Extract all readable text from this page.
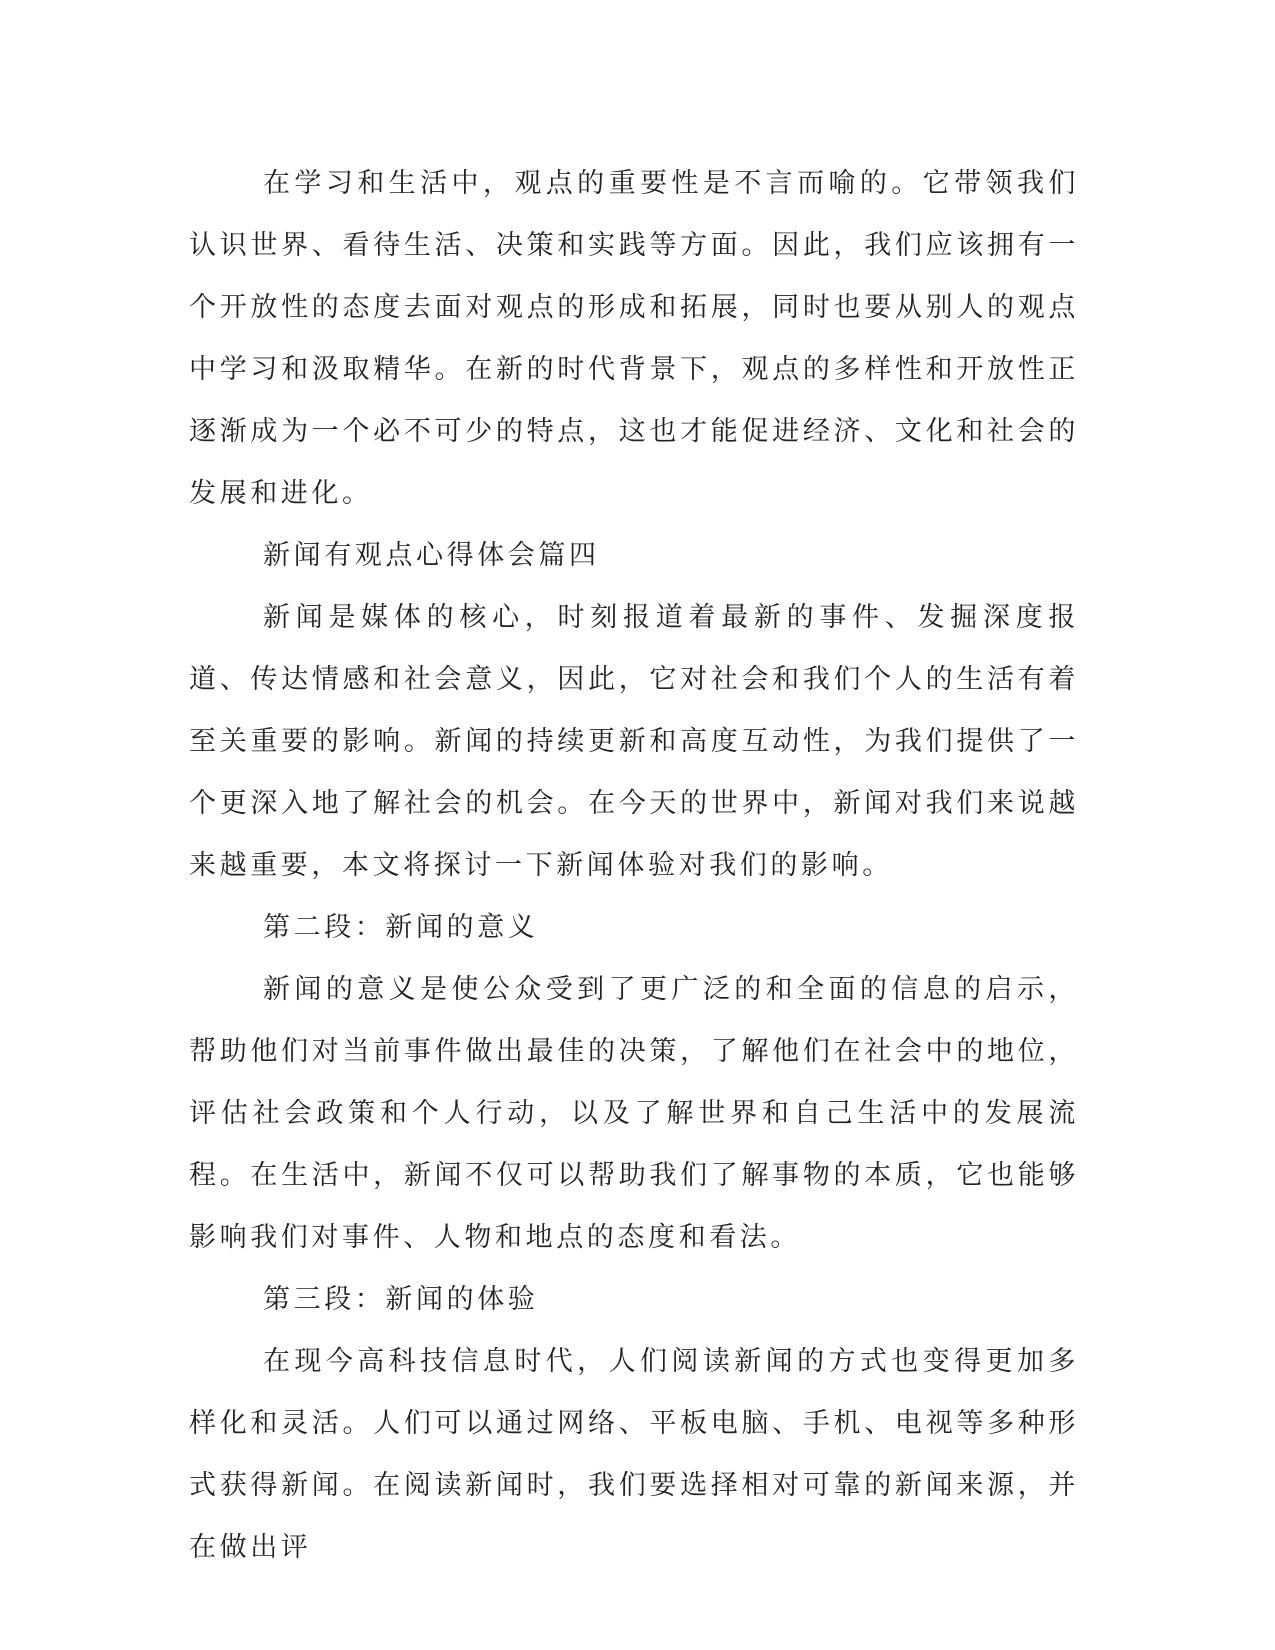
在学习和生活中，观点的重要性是不言而喻的。它带领我们认识世界、看待生活、决策和实践等方面。因此，我们应该拥有一个开放性的态度去面对观点的形成和拓展，同时也要从别人的观点中学习和汲取精华。在新的时代背景下，观点的多样性和开放性正逐渐成为一个必不可少的特点，这也才能促进经济、文化和社会的发展和进化。

新闻有观点心得体会篇四

新闻是媒体的核心，时刻报道着最新的事件、发掘深度报道、传达情感和社会意义，因此，它对社会和我们个人的生活有着至关重要的影响。新闻的持续更新和高度互动性，为我们提供了一个更深入地了解社会的机会。在今天的世界中，新闻对我们来说越来越重要，本文将探讨一下新闻体验对我们的影响。

第二段：新闻的意义

新闻的意义是使公众受到了更广泛的和全面的信息的启示，帮助他们对当前事件做出最佳的决策，了解他们在社会中的地位，评估社会政策和个人行动，以及了解世界和自己生活中的发展流程。在生活中，新闻不仅可以帮助我们了解事物的本质，它也能够影响我们对事件、人物和地点的态度和看法。

第三段：新闻的体验

在现今高科技信息时代，人们阅读新闻的方式也变得更加多样化和灵活。人们可以通过网络、平板电脑、手机、电视等多种形式获得新闻。在阅读新闻时，我们要选择相对可靠的新闻来源，并在做出评
